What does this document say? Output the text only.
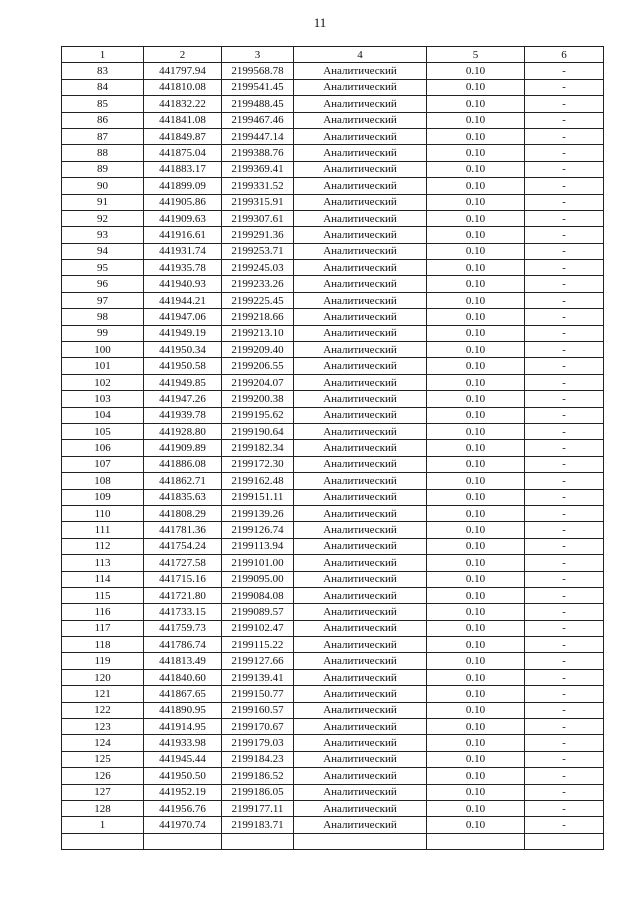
11
1	2	3	4	5	6
83	441797.94	2199568.78	Аналитический	0.10	-
84	441810.08	2199541.45	Аналитический	0.10	-
85	441832.22	2199488.45	Аналитический	0.10	-
86	441841.08	2199467.46	Аналитический	0.10	-
87	441849.87	2199447.14	Аналитический	0.10	-
88	441875.04	2199388.76	Аналитический	0.10	-
89	441883.17	2199369.41	Аналитический	0.10	-
90	441899.09	2199331.52	Аналитический	0.10	-
91	441905.86	2199315.91	Аналитический	0.10	-
92	441909.63	2199307.61	Аналитический	0.10	-
93	441916.61	2199291.36	Аналитический	0.10	-
94	441931.74	2199253.71	Аналитический	0.10	-
95	441935.78	2199245.03	Аналитический	0.10	-
96	441940.93	2199233.26	Аналитический	0.10	-
97	441944.21	2199225.45	Аналитический	0.10	-
98	441947.06	2199218.66	Аналитический	0.10	-
99	441949.19	2199213.10	Аналитический	0.10	-
100	441950.34	2199209.40	Аналитический	0.10	-
101	441950.58	2199206.55	Аналитический	0.10	-
102	441949.85	2199204.07	Аналитический	0.10	-
103	441947.26	2199200.38	Аналитический	0.10	-
104	441939.78	2199195.62	Аналитический	0.10	-
105	441928.80	2199190.64	Аналитический	0.10	-
106	441909.89	2199182.34	Аналитический	0.10	-
107	441886.08	2199172.30	Аналитический	0.10	-
108	441862.71	2199162.48	Аналитический	0.10	-
109	441835.63	2199151.11	Аналитический	0.10	-
110	441808.29	2199139.26	Аналитический	0.10	-
111	441781.36	2199126.74	Аналитический	0.10	-
112	441754.24	2199113.94	Аналитический	0.10	-
113	441727.58	2199101.00	Аналитический	0.10	-
114	441715.16	2199095.00	Аналитический	0.10	-
115	441721.80	2199084.08	Аналитический	0.10	-
116	441733.15	2199089.57	Аналитический	0.10	-
117	441759.73	2199102.47	Аналитический	0.10	-
118	441786.74	2199115.22	Аналитический	0.10	-
119	441813.49	2199127.66	Аналитический	0.10	-
120	441840.60	2199139.41	Аналитический	0.10	-
121	441867.65	2199150.77	Аналитический	0.10	-
122	441890.95	2199160.57	Аналитический	0.10	-
123	441914.95	2199170.67	Аналитический	0.10	-
124	441933.98	2199179.03	Аналитический	0.10	-
125	441945.44	2199184.23	Аналитический	0.10	-
126	441950.50	2199186.52	Аналитический	0.10	-
127	441952.19	2199186.05	Аналитический	0.10	-
128	441956.76	2199177.11	Аналитический	0.10	-
1	441970.74	2199183.71	Аналитический	0.10	-
